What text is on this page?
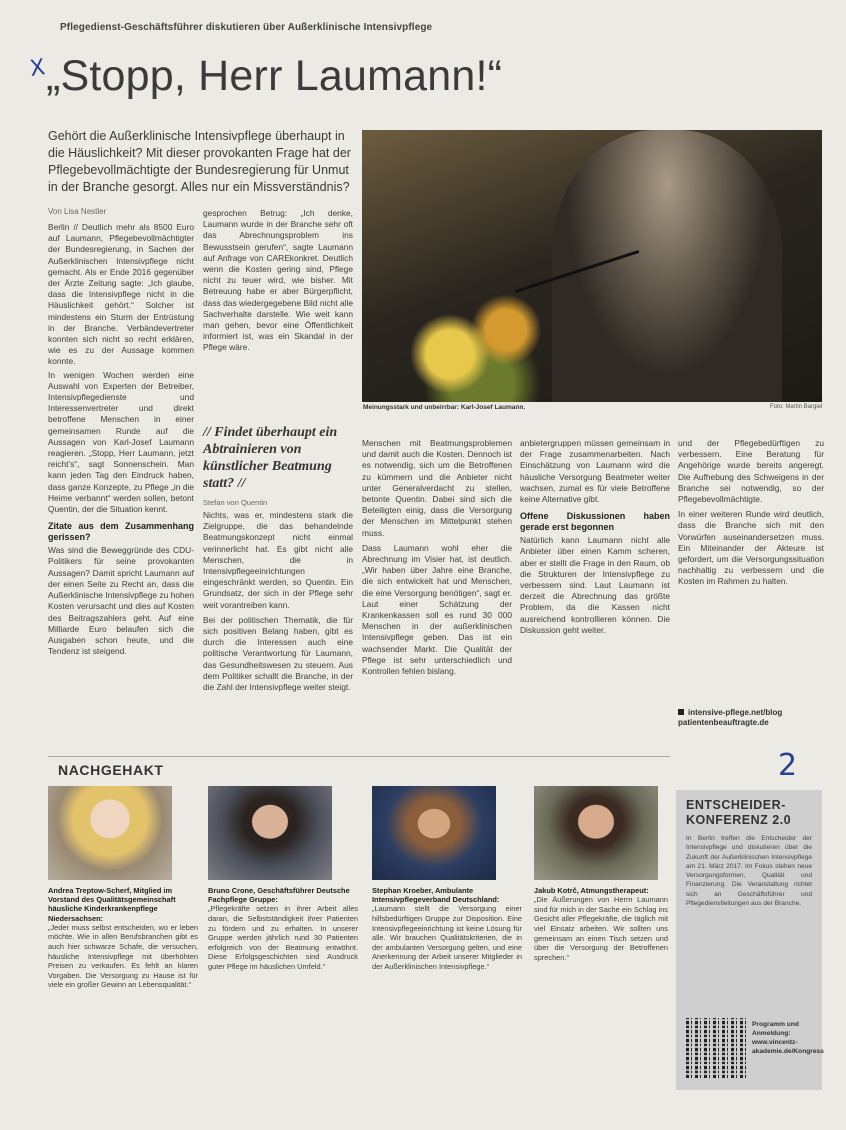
Pflegedienst-Geschäftsführer diskutieren über Außerklinische Intensivpflege
X „Stopp, Herr Laumann!“
Gehört die Außerklinische Intensivpflege überhaupt in die Häuslichkeit? Mit dieser provokanten Frage hat der Pflegebevollmächtigte der Bundesregierung für Unmut in der Branche gesorgt. Alles nur ein Missverständnis?
Von Lisa Nestler
Meinungsstark und unbeirrbar: Karl-Josef Laumann.	Foto: Martin Bargiel

Berlin // Deutlich mehr als 8500 Euro auf Laumann, Pflegebevollmächtigter der Bundesregierung, in Sachen der Außerklinischen Intensivpflege nicht gemacht. Als er Ende 2016 gegenüber der Ärzte Zeitung sagte: „Ich glaube, dass die Intensivpflege nicht in die Häuslichkeit gehört.“ Solcher ist mindestens ein Sturm der Entrüstung in der Branche. Verbändevertreter konnten sich nicht so recht erklären, wie es zu der Aussage kommen konnte.

In wenigen Wochen werden eine Auswahl von Experten der Betreiber, Intensivpflegedienste und Interessenvertreter und direkt betroffene Menschen in einer gemeinsamen Runde auf die Aussagen von Karl-Josef Laumann reagieren. „Stopp, Herr Laumann, jetzt reicht’s“, sagt Sonnenschein. Man kann jeden Tag den Eindruck haben, dass ganze Konzepte, zu Pflege „in die Heime verbannt“ werden sollen, betont Quentin, der die Situation kennt.

Zitate aus dem Zusammenhang gerissen?

Was sind die Beweggründe des CDU-Politikers für seine provokanten Aussagen? Damit spricht Laumann auf der einen Seite zu Recht an, dass die Außerklinische Intensivpflege zu hohen Kosten verursacht und dies auf Kosten des Beitragszahlers geht. Auf eine Milliarde Euro belaufen sich die Ausgaben schon heute, und die Tendenz ist steigend.

gesprochen Betrug: „Ich denke, Laumann wurde in der Branche sehr oft das Abrechnungsproblem ins Bewusstsein gerufen“, sagte Laumann auf Anfrage von CAREkonkret. Deutlich wenn die Kosten gering sind, Pflege nicht zu teuer wird, wie bisher. Mit Betreuung habe er aber Bürgerpflicht, dass das wiedergegebene Bild nicht alle Sachverhalte darstelle. Wie weit kann man gehen, bevor eine Öffentlichkeit informiert ist, was ein Skandal in der Pflege wäre.

// Findet überhaupt ein Abtrainieren von künstlicher Beatmung statt? //
Stefan von Quentin

Nichts, was er, mindestens stark die Zielgruppe, die das behandelnde Beatmungskonzept nicht einmal verinnerlicht hat. Es gibt nicht alle Menschen, die in Intensivpflegeeinrichtungen eingeschränkt werden, so Quentin. Ein Grundsatz, der sich in der Pflege sehr weit vorantreiben kann.

Bei der politischen Thematik, die für sich positiven Belang haben, gibt es durch die Interessen auch eine politische Verantwortung für Laumann, das Gesundheitswesen zu steuern. Aus dem Politiker schallt die Branche, in der die Zahl der Intensivpflege weiter steigt.

Menschen mit Beatmungsproblemen und damit auch die Kosten. Dennoch ist es notwendig, sich um die Betroffenen zu kümmern und die Anbieter nicht unter Generalverdacht zu stellen, betonte Quentin. Dabei sind sich die Beteiligten einig, dass die Versorgung der Menschen im Mittelpunkt stehen muss.

Dass Laumann wohl eher die Abrechnung im Visier hat, ist deutlich. „Wir haben über Jahre eine Branche, die sich entwickelt hat und Menschen, die eine Versorgung benötigen“, sagt er. Laut einer Schätzung der Krankenkassen soll es rund 30 000 Menschen in der außerklinischen Intensivpflege geben. Das ist ein wachsender Markt. Die Qualität der Pflege ist sehr unterschiedlich und Kontrollen fehlen bislang.

anbietergruppen müssen gemeinsam in der Frage zusammenarbeiten. Nach Einschätzung von Laumann wird die häusliche Versorgung Beatmeter weiter wachsen, zumal es für viele Betroffene keine Alternative gibt.

Offene Diskussionen haben gerade erst begonnen

Natürlich kann Laumann nicht alle Anbieter über einen Kamm scheren, aber er stellt die Frage in den Raum, ob die Strukturen der Intensivpflege zu verbessern sind. Laut Laumann ist derzeit die Abrechnung das größte Problem, da die Kassen nicht ausreichend kontrollieren können. Die Diskussion geht weiter.

und der Pflegebedürftigen zu verbessern. Eine Beratung für Angehörige wurde bereits angeregt. Die Aufhebung des Schweigens in der Branche sei notwendig, so der Pflegebevollmächtigte.

In einer weiteren Runde wird deutlich, dass die Branche sich mit den Vorwürfen auseinandersetzen muss. Ein Miteinander der Akteure ist gefordert, um die Versorgungssituation nachhaltig zu verbessern und die Kosten im Rahmen zu halten.

intensive-pflege.net/blog patientenbeauftragte.de
2
NACHGEHAKT
Andrea Treptow-Scherf, Mitglied im Vorstand des Qualitätsgemeinschaft häusliche Kinderkrankenpflege Niedersachsen:
„Jeder muss selbst entscheiden, wo er leben möchte. Wie in allen Berufsbranchen gibt es auch hier schwarze Schafe, die versuchen, häusliche Intensivpflege mit überhöhten Preisen zu verkaufen. Es fehlt an klaren Vorgaben. Die Versorgung zu Hause ist für viele ein großer Gewinn an Lebensqualität.“
Bruno Crone, Geschäftsführer Deutsche Fachpflege Gruppe:
„Pflegekräfte setzen in ihrer Arbeit alles daran, die Selbstständigkeit ihrer Patienten zu fördern und zu erhalten. In unserer Gruppe werden jährlich rund 30 Patienten erfolgreich von der Beatmung entwöhnt. Diese Erfolgsgeschichten sind Ausdruck guter Pflege im häuslichen Umfeld.“
Stephan Kroeber, Ambulante Intensivpflegeverband Deutschland:
„Laumann stellt die Versorgung einer hilfsbedürftigen Gruppe zur Disposition. Eine Intensivpflegeeinrichtung ist keine Lösung für alle. Wir brauchen Qualitätskriterien, die in der ambulanten Versorgung gelten, und eine Anerkennung der Arbeit unserer Mitglieder in der Außerklinischen Intensivpflege.“
Jakub Kotrč, Atmungstherapeut:
„Die Äußerungen von Herrn Laumann sind für mich in der Sache ein Schlag ins Gesicht aller Pflegekräfte, die täglich mit viel Einsatz arbeiten. Wir sollten uns gemeinsam an einen Tisch setzen und über die Versorgung der Betroffenen sprechen.“
ENTSCHEIDER-KONFERENZ 2.0
In Berlin treffen die Entscheider der Intensivpflege und diskutieren über die Zukunft der Außerklinischen Intensivpflege am 21. März 2017. Im Fokus stehen neue Versorgungsformen, Qualität und Finanzierung. Die Veranstaltung richtet sich an Geschäftsführer und Pflegedienstleitungen aus der Branche.
Programm und Anmeldung: www.vincentz-akademie.de/Kongress
